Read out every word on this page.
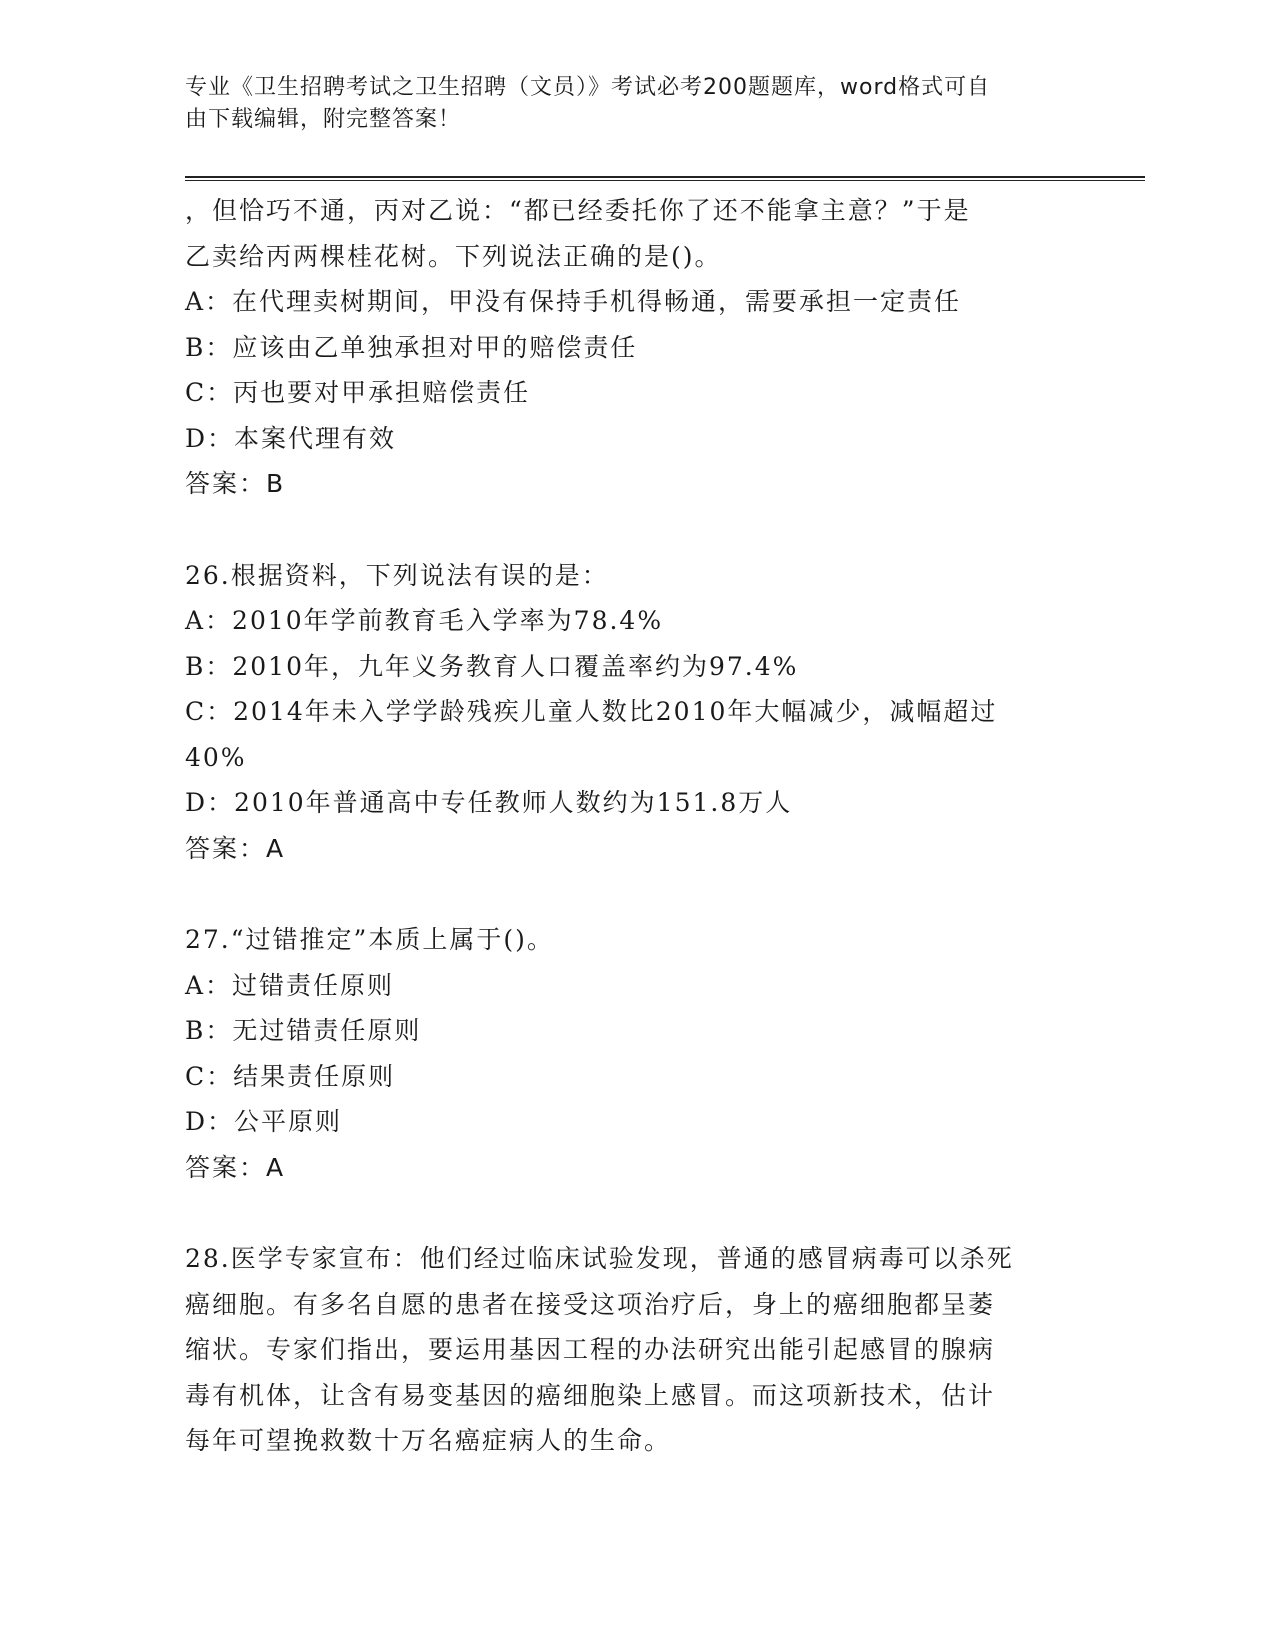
专业《卫生招聘考试之卫生招聘（文员）》考试必考200题题库，word格式可自
由下载编辑，附完整答案！
，但恰巧不通，丙对乙说：“都已经委托你了还不能拿主意？”于是
乙卖给丙两棵桂花树。下列说法正确的是()。
A：在代理卖树期间，甲没有保持手机得畅通，需要承担一定责任
B：应该由乙单独承担对甲的赔偿责任
C：丙也要对甲承担赔偿责任
D：本案代理有效
答案：B
26.根据资料，下列说法有误的是：
A：2010年学前教育毛入学率为78.4%
B：2010年，九年义务教育人口覆盖率约为97.4%
C：2014年未入学学龄残疾儿童人数比2010年大幅减少，减幅超过
40%
D：2010年普通高中专任教师人数约为151.8万人
答案：A
27.“过错推定”本质上属于()。
A：过错责任原则
B：无过错责任原则
C：结果责任原则
D：公平原则
答案：A
28.医学专家宣布：他们经过临床试验发现，普通的感冒病毒可以杀死
癌细胞。有多名自愿的患者在接受这项治疗后，身上的癌细胞都呈萎
缩状。专家们指出，要运用基因工程的办法研究出能引起感冒的腺病
毒有机体，让含有易变基因的癌细胞染上感冒。而这项新技术，估计
每年可望挽救数十万名癌症病人的生命。
